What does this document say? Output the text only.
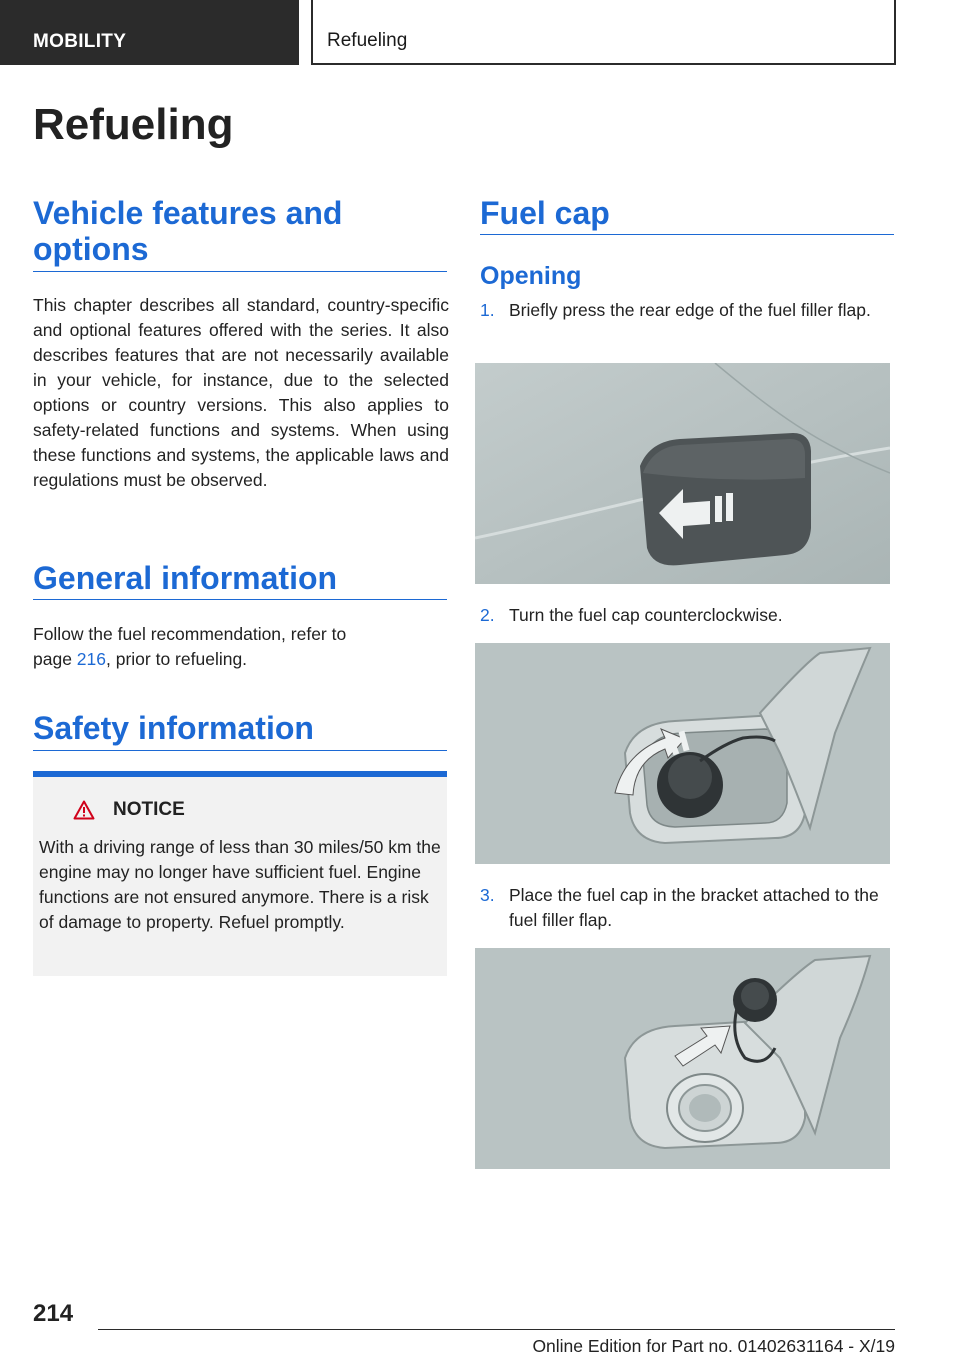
MOBILITY	Refueling
Refueling
Vehicle features and options

This chapter describes all standard, country-specific and optional features offered with the series. It also describes features that are not necessarily available in your vehicle, for instance, due to the selected options or country versions. This also applies to safety-related functions and systems. When using these functions and systems, the applicable laws and regulations must be observed.

General information

Follow the fuel recommendation, refer to page 216, prior to refueling.

Safety information
NOTICE

With a driving range of less than 30 miles/50 km the engine may no longer have sufficient fuel. Engine functions are not ensured anymore. There is a risk of damage to property. Refuel promptly.

Fuel cap
Opening
1. Briefly press the rear edge of the fuel filler flap.
2. Turn the fuel cap counterclockwise.
3. Place the fuel cap in the bracket attached to the fuel filler flap.
214
Online Edition for Part no. 01402631164 - X/19
